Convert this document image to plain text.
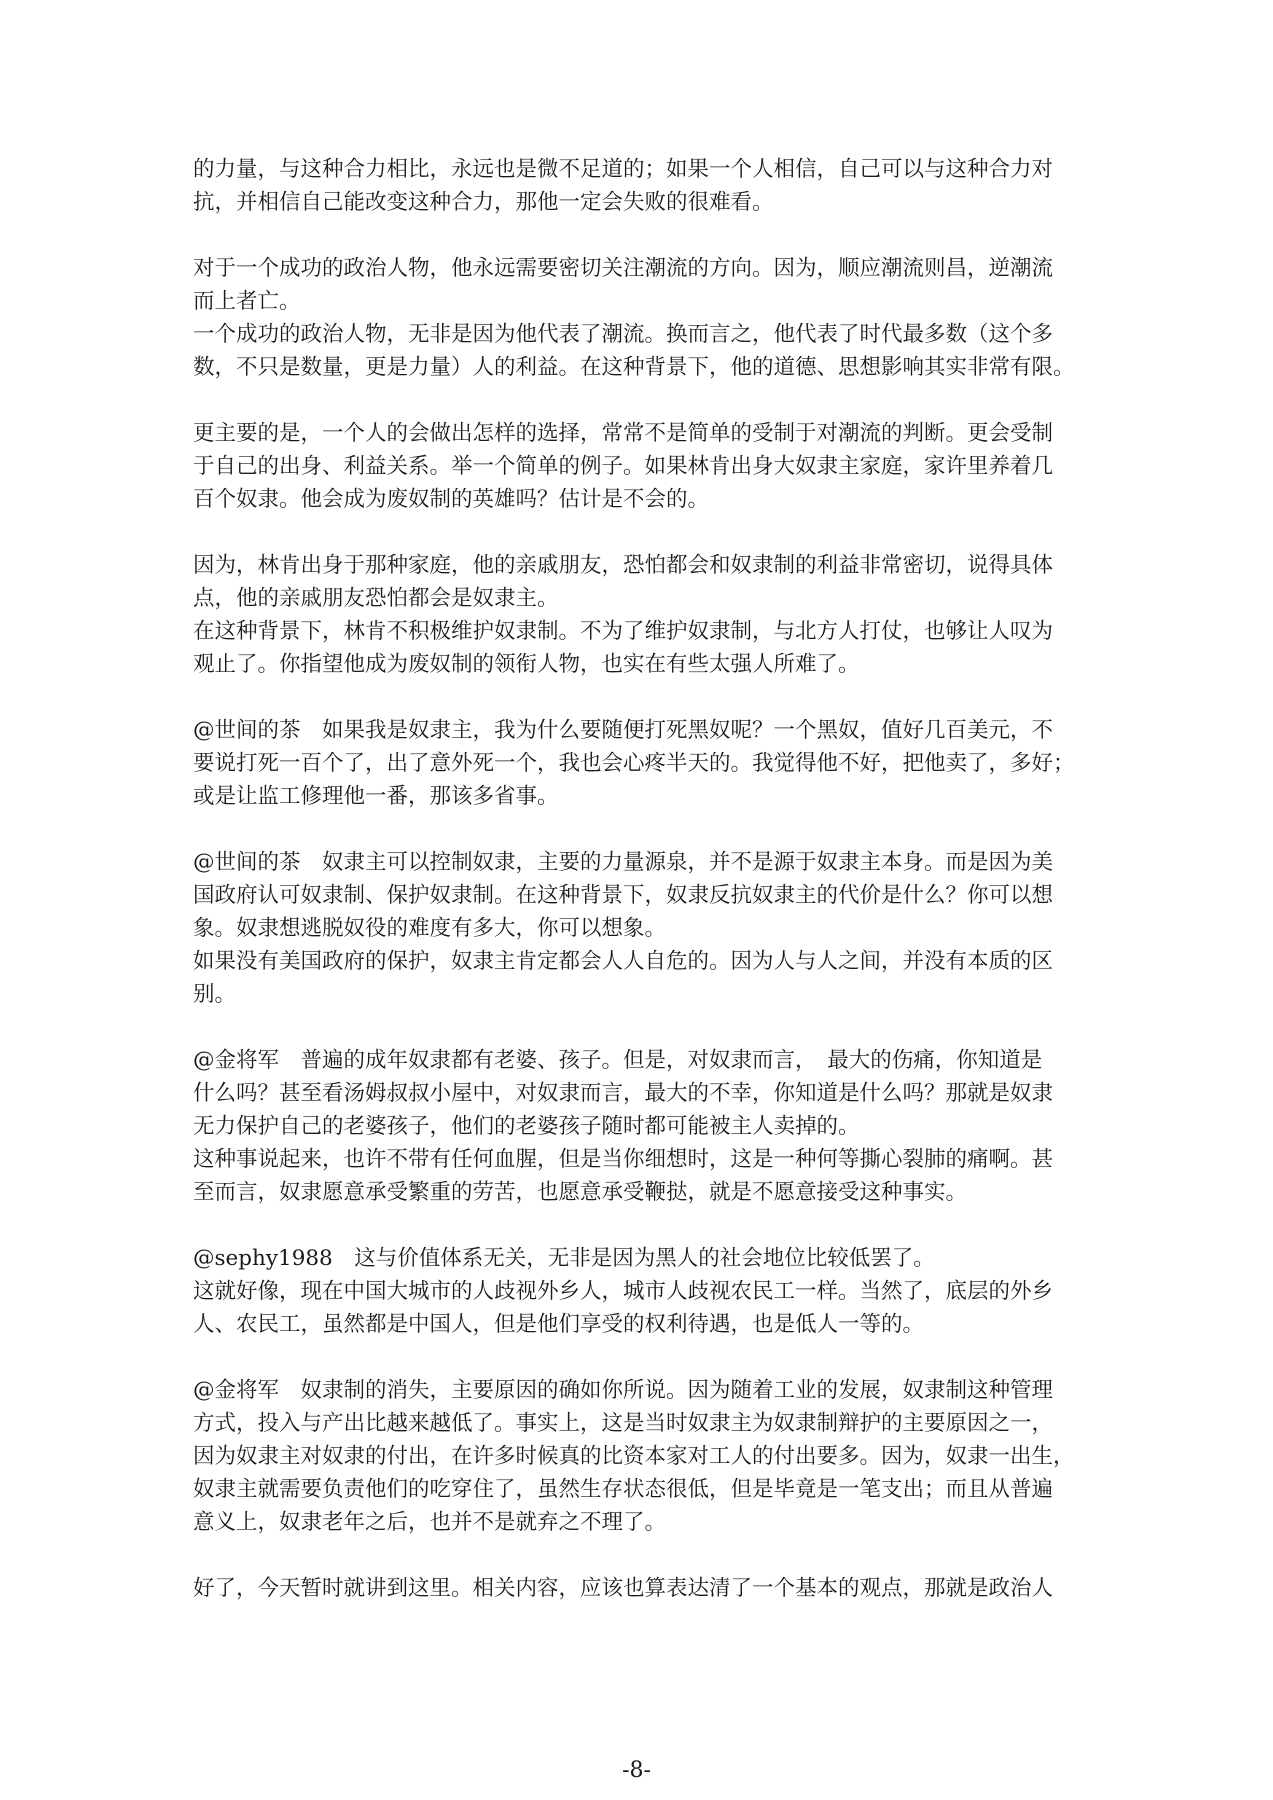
的力量，与这种合力相比，永远也是微不足道的；如果一个人相信，自己可以与这种合力对
抗，并相信自己能改变这种合力，那他一定会失败的很难看。
对于一个成功的政治人物，他永远需要密切关注潮流的方向。因为，顺应潮流则昌，逆潮流
而上者亡。
一个成功的政治人物，无非是因为他代表了潮流。换而言之，他代表了时代最多数（这个多
数，不只是数量，更是力量）人的利益。在这种背景下，他的道德、思想影响其实非常有限。
更主要的是，一个人的会做出怎样的选择，常常不是简单的受制于对潮流的判断。更会受制
于自己的出身、利益关系。举一个简单的例子。如果林肯出身大奴隶主家庭，家许里养着几
百个奴隶。他会成为废奴制的英雄吗？估计是不会的。
因为，林肯出身于那种家庭，他的亲戚朋友，恐怕都会和奴隶制的利益非常密切，说得具体
点，他的亲戚朋友恐怕都会是奴隶主。
在这种背景下，林肯不积极维护奴隶制。不为了维护奴隶制，与北方人打仗，也够让人叹为
观止了。你指望他成为废奴制的领衔人物，也实在有些太强人所难了。
@世间的茶　如果我是奴隶主，我为什么要随便打死黑奴呢？一个黑奴，值好几百美元，不
要说打死一百个了，出了意外死一个，我也会心疼半天的。我觉得他不好，把他卖了，多好；
或是让监工修理他一番，那该多省事。
@世间的茶　奴隶主可以控制奴隶，主要的力量源泉，并不是源于奴隶主本身。而是因为美
国政府认可奴隶制、保护奴隶制。在这种背景下，奴隶反抗奴隶主的代价是什么？你可以想
象。奴隶想逃脱奴役的难度有多大，你可以想象。
如果没有美国政府的保护，奴隶主肯定都会人人自危的。因为人与人之间，并没有本质的区
别。
@金将军　普遍的成年奴隶都有老婆、孩子。但是，对奴隶而言，　最大的伤痛，你知道是
什么吗？甚至看汤姆叔叔小屋中，对奴隶而言，最大的不幸，你知道是什么吗？那就是奴隶
无力保护自己的老婆孩子，他们的老婆孩子随时都可能被主人卖掉的。
这种事说起来，也许不带有任何血腥，但是当你细想时，这是一种何等撕心裂肺的痛啊。甚
至而言，奴隶愿意承受繁重的劳苦，也愿意承受鞭挞，就是不愿意接受这种事实。
@sephy1988　这与价值体系无关，无非是因为黑人的社会地位比较低罢了。
这就好像，现在中国大城市的人歧视外乡人，城市人歧视农民工一样。当然了，底层的外乡
人、农民工，虽然都是中国人，但是他们享受的权利待遇，也是低人一等的。
@金将军　奴隶制的消失，主要原因的确如你所说。因为随着工业的发展，奴隶制这种管理
方式，投入与产出比越来越低了。事实上，这是当时奴隶主为奴隶制辩护的主要原因之一，
因为奴隶主对奴隶的付出，在许多时候真的比资本家对工人的付出要多。因为，奴隶一出生，
奴隶主就需要负责他们的吃穿住了，虽然生存状态很低，但是毕竟是一笔支出；而且从普遍
意义上，奴隶老年之后，也并不是就弃之不理了。
好了，今天暂时就讲到这里。相关内容，应该也算表达清了一个基本的观点，那就是政治人
-8-
